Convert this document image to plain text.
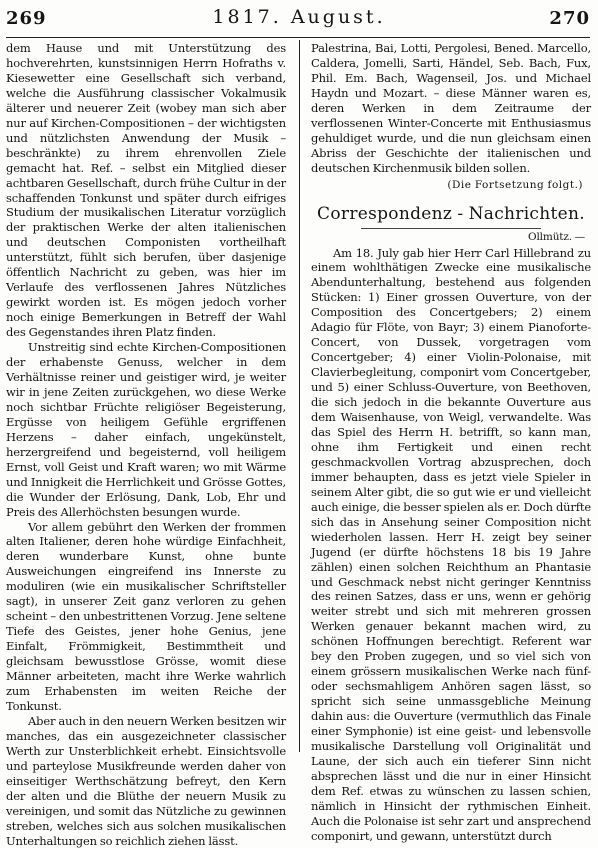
269	1817. August.	270

dem Hause und mit Unterstützung des hochverehrten, kunstsinnigen Herrn Hofraths v. Kiesewetter eine Gesellschaft sich verband, welche die Ausführung classischer Vokalmusik älterer und neuerer Zeit (wobey man sich aber nur auf Kirchen-Compositionen – der wichtigsten und nützlichsten Anwendung der Musik – beschränkte) zu ihrem ehrenvollen Ziele gemacht hat. Ref. – selbst ein Mitglied dieser achtbaren Gesellschaft, durch frühe Cultur in der schaffenden Tonkunst und später durch eifriges Studium der musikalischen Literatur vorzüglich der praktischen Werke der alten italienischen und deutschen Componisten vortheilhaft unterstützt, fühlt sich berufen, über dasjenige öffentlich Nachricht zu geben, was hier im Verlaufe des verflossenen Jahres Nützliches gewirkt worden ist. Es mögen jedoch vorher noch einige Bemerkungen in Betreff der Wahl des Gegenstandes ihren Platz finden.

Unstreitig sind echte Kirchen-Compositionen der erhabenste Genuss, welcher in dem Verhältnisse reiner und geistiger wird, je weiter wir in jene Zeiten zurückgehen, wo diese Werke noch sichtbar Früchte religiöser Begeisterung, Ergüsse von heiligem Gefühle ergriffenen Herzens – daher einfach, ungekünstelt, herzergreifend und begeisternd, voll heiligem Ernst, voll Geist und Kraft waren; wo mit Wärme und Innigkeit die Herrlichkeit und Grösse Gottes, die Wunder der Erlösung, Dank, Lob, Ehr und Preis des Allerhöchsten besungen wurde.

Vor allem gebührt den Werken der frommen alten Italiener, deren hohe würdige Einfachheit, deren wunderbare Kunst, ohne bunte Ausweichungen eingreifend ins Innerste zu moduliren (wie ein musikalischer Schriftsteller sagt), in unserer Zeit ganz verloren zu gehen scheint – den unbestrittenen Vorzug. Jene seltene Tiefe des Geistes, jener hohe Genius, jene Einfalt, Frömmigkeit, Bestimmtheit und gleichsam bewusstlose Grösse, womit diese Männer arbeiteten, macht ihre Werke wahrlich zum Erhabensten im weiten Reiche der Tonkunst.

Aber auch in den neuern Werken besitzen wir manches, das ein ausgezeichneter classischer Werth zur Unsterblichkeit erhebt. Einsichtsvolle und parteylose Musikfreunde werden daher von einseitiger Werthschätzung befreyt, den Kern der alten und die Blüthe der neuern Musik zu vereinigen, und somit das Nützliche zu gewinnen streben, welches sich aus solchen musikalischen Unterhaltungen so reichlich ziehen lässt.

Palestrina, Bai, Lotti, Pergolesi, Bened. Marcello, Caldera, Jomelli, Sarti, Händel, Seb. Bach, Fux, Phil. Em. Bach, Wagenseil, Jos. und Michael Haydn und Mozart. – diese Männer waren es, deren Werken in dem Zeitraume der verflossenen Winter-Concerte mit Enthusiasmus gehuldiget wurde, und die nun gleichsam einen Abriss der Geschichte der italienischen und deutschen Kirchenmusik bilden sollen.

(Die Fortsetzung folgt.)
Correspondenz - Nachrichten.
Ollmütz. —

Am 18. July gab hier Herr Carl Hillebrand zu einem wohlthätigen Zwecke eine musikalische Abendunterhaltung, bestehend aus folgenden Stücken: 1) Einer grossen Ouverture, von der Composition des Concertgebers; 2) einem Adagio für Flöte, von Bayr; 3) einem Pianoforte-Concert, von Dussek, vorgetragen vom Concertgeber; 4) einer Violin-Polonaise, mit Clavierbegleitung, componirt vom Concertgeber, und 5) einer Schluss-Ouverture, von Beethoven, die sich jedoch in die bekannte Ouverture aus dem Waisenhause, von Weigl, verwandelte. Was das Spiel des Herrn H. betrifft, so kann man, ohne ihm Fertigkeit und einen recht geschmackvollen Vortrag abzusprechen, doch immer behaupten, dass es jetzt viele Spieler in seinem Alter gibt, die so gut wie er und vielleicht auch einige, die besser spielen als er. Doch dürfte sich das in Ansehung seiner Composition nicht wiederholen lassen. Herr H. zeigt bey seiner Jugend (er dürfte höchstens 18 bis 19 Jahre zählen) einen solchen Reichthum an Phantasie und Geschmack nebst nicht geringer Kenntniss des reinen Satzes, dass er uns, wenn er gehörig weiter strebt und sich mit mehreren grossen Werken genauer bekannt machen wird, zu schönen Hoffnungen berechtigt. Referent war bey den Proben zugegen, und so viel sich von einem grössern musikalischen Werke nach fünf- oder sechsmahligem Anhören sagen lässt, so spricht sich seine unmassgebliche Meinung dahin aus: die Ouverture (vermuthlich das Finale einer Symphonie) ist eine geist- und lebensvolle musikalische Darstellung voll Originalität und Laune, der sich auch ein tieferer Sinn nicht absprechen lässt und die nur in einer Hinsicht dem Ref. etwas zu wünschen zu lassen schien, nämlich in Hinsicht der rythmischen Einheit. Auch die Polonaise ist sehr zart und ansprechend componirt, und gewann, unterstützt durch
